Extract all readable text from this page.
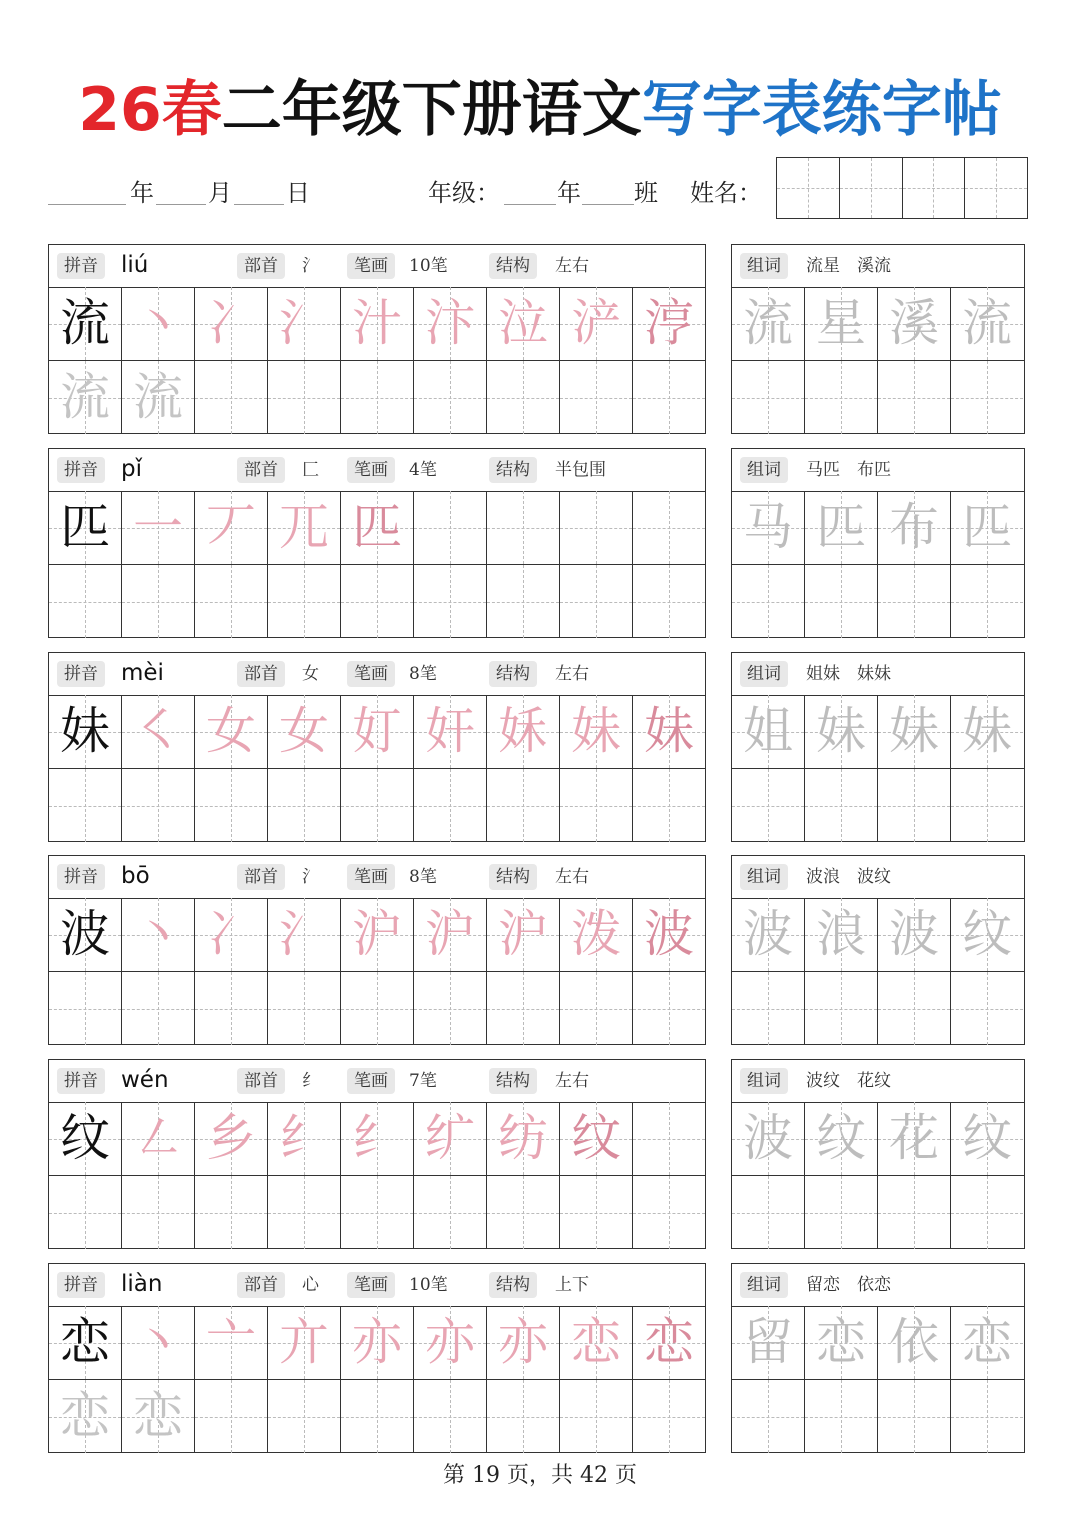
26春二年级下册语文写字表练字帖
年 月 日	年级： 年 班 姓名：
拼音	liú	部首	氵	笔画	10笔	结构	左右
流 丶 冫 氵 汁 汴 泣 浐 涥
流 流
组词	流星　溪流
流 星 溪 流
拼音	pǐ	部首	匚	笔画	4笔	结构	半包围
匹 一 丆 兀 匹
组词	马匹　布匹
马 匹 布 匹
拼音	mèi	部首	女	笔画	8笔	结构	左右
妹 ㇛ 女 女 奵 奸 姀 妹 妹
组词	姐妹　妹妹
姐 妹 妹 妹
拼音	bō	部首	氵	笔画	8笔	结构	左右
波 丶 冫 氵 沪 沪 沪 泼 波
组词	波浪　波纹
波 浪 波 纹
拼音	wén	部首	纟	笔画	7笔	结构	左右
纹 ㇜ 乡 纟 纟 纩 纺 纹
组词	波纹　花纹
波 纹 花 纹
拼音	liàn	部首	心	笔画	10笔	结构	上下
恋 丶 亠 亣 亦 亦 亦 恋 恋
恋 恋
组词	留恋　依恋
留 恋 依 恋
第 19 页，共 42 页
